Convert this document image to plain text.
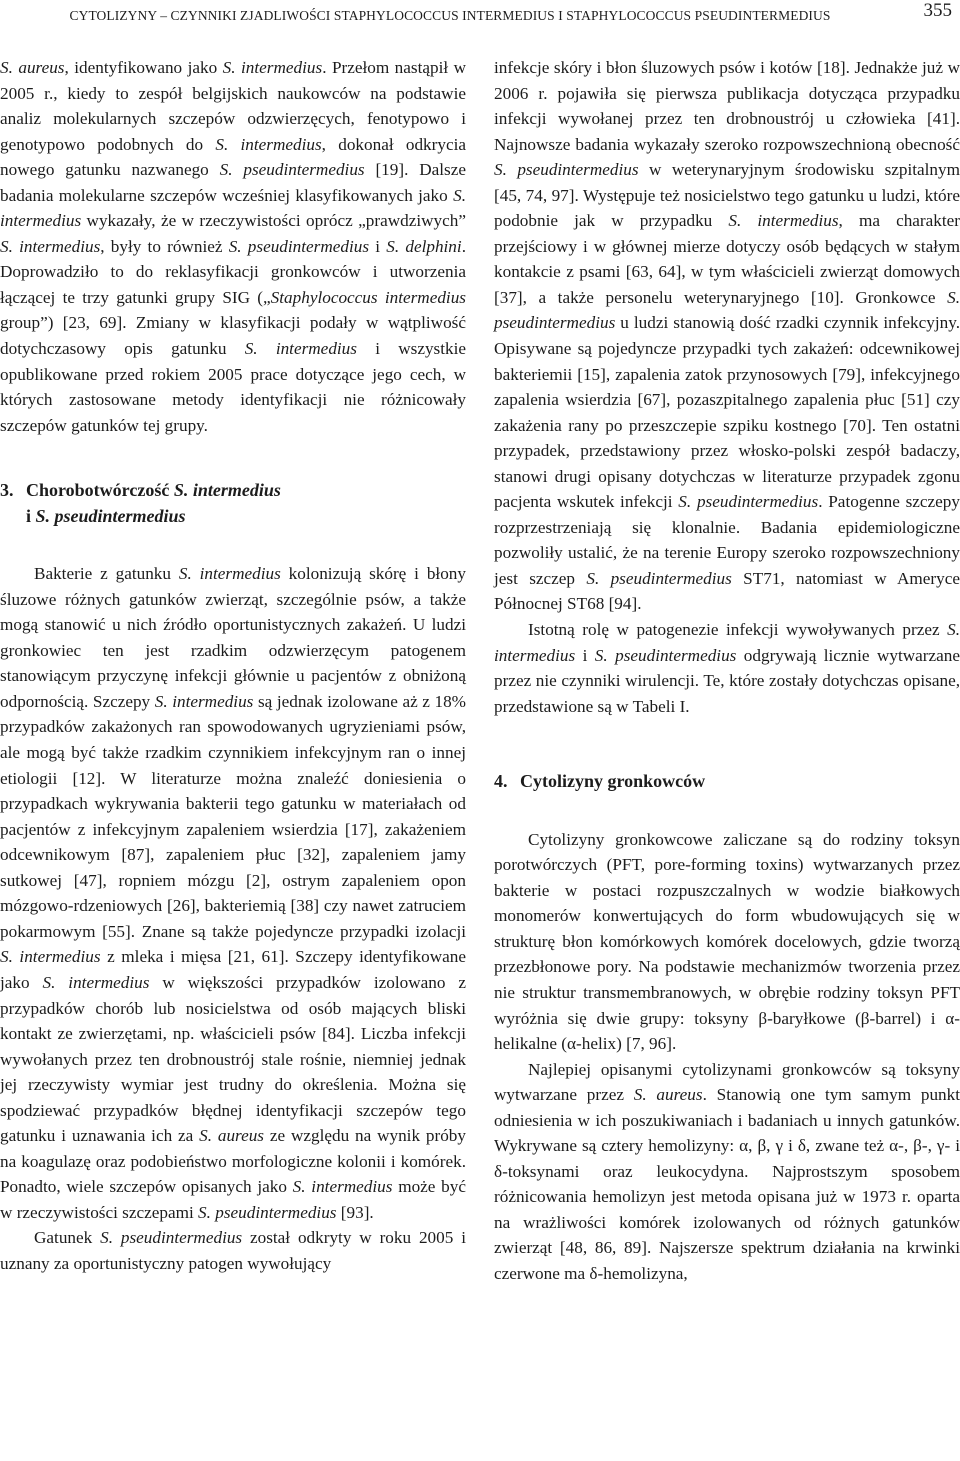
CYTOLIZYNY – CZYNNIKI ZJADLIWOŚCI STAPHYLOCOCCUS INTERMEDIUS I STAPHYLOCOCCUS PSEUDINTERMEDIUS	355

S. aureus, identyfikowano jako S. intermedius. Przełom nastąpił w 2005 r., kiedy to zespół belgijskich naukowców na podstawie analiz molekularnych szczepów odzwierzęcych, fenotypowo i genotypowo podobnych do S. intermedius, dokonał odkrycia nowego gatunku nazwanego S. pseudintermedius [19]. Dalsze badania molekularne szczepów wcześniej klasyfikowanych jako S. intermedius wykazały, że w rzeczywistości oprócz „prawdziwych” S. intermedius, były to również S. pseudintermedius i S. delphini. Doprowadziło to do reklasyfikacji gronkowców i utworzenia łączącej te trzy gatunki grupy SIG („Staphylococcus intermedius group”) [23, 69]. Zmiany w klasyfikacji podały w wątpliwość dotychczasowy opis gatunku S. intermedius i wszystkie opublikowane przed rokiem 2005 prace dotyczące jego cech, w których zastosowane metody identyfikacji nie różnicowały szczepów gatunków tej grupy.

3. Chorobotwórczość S. intermedius
i S. pseudintermedius

Bakterie z gatunku S. intermedius kolonizują skórę i błony śluzowe różnych gatunków zwierząt, szczególnie psów, a także mogą stanowić u nich źródło oportunistycznych zakażeń. U ludzi gronkowiec ten jest rzadkim odzwierzęcym patogenem stanowiącym przyczynę infekcji głównie u pacjentów z obniżoną odpornością. Szczepy S. intermedius są jednak izolowane aż z 18% przypadków zakażonych ran spowodowanych ugryzieniami psów, ale mogą być także rzadkim czynnikiem infekcyjnym ran o innej etiologii [12]. W literaturze można znaleźć doniesienia o przypadkach wykrywania bakterii tego gatunku w materiałach od pacjentów z infekcyjnym zapaleniem wsierdzia [17], zakażeniem odcewnikowym [87], zapaleniem płuc [32], zapaleniem jamy sutkowej [47], ropniem mózgu [2], ostrym zapaleniem opon mózgowo-rdzeniowych [26], bakteriemią [38] czy nawet zatruciem pokarmowym [55]. Znane są także pojedyncze przypadki izolacji S. intermedius z mleka i mięsa [21, 61]. Szczepy identyfikowane jako S. intermedius w większości przypadków izolowano z przypadków chorób lub nosicielstwa od osób mających bliski kontakt ze zwierzętami, np. właścicieli psów [84]. Liczba infekcji wywołanych przez ten drobnoustrój stale rośnie, niemniej jednak jej rzeczywisty wymiar jest trudny do określenia. Można się spodziewać przypadków błędnej identyfikacji szczepów tego gatunku i uznawania ich za S. aureus ze względu na wynik próby na koagulazę oraz podobieństwo morfologiczne kolonii i komórek. Ponadto, wiele szczepów opisanych jako S. intermedius może być w rzeczywistości szczepami S. pseudintermedius [93].

Gatunek S. pseudintermedius został odkryty w roku 2005 i uznany za oportunistyczny patogen wywołujący

infekcje skóry i błon śluzowych psów i kotów [18]. Jednakże już w 2006 r. pojawiła się pierwsza publikacja dotycząca przypadku infekcji wywołanej przez ten drobnoustrój u człowieka [41]. Najnowsze badania wykazały szeroko rozpowszechnioną obecność S. pseudintermedius w weterynaryjnym środowisku szpitalnym [45, 74, 97]. Występuje też nosicielstwo tego gatunku u ludzi, które podobnie jak w przypadku S. intermedius, ma charakter przejściowy i w głównej mierze dotyczy osób będących w stałym kontakcie z psami [63, 64], w tym właścicieli zwierząt domowych [37], a także personelu weterynaryjnego [10]. Gronkowce S. pseudintermedius u ludzi stanowią dość rzadki czynnik infekcyjny. Opisywane są pojedyncze przypadki tych zakażeń: odcewnikowej bakteriemii [15], zapalenia zatok przynosowych [79], infekcyjnego zapalenia wsierdzia [67], pozaszpitalnego zapalenia płuc [51] czy zakażenia rany po przeszczepie szpiku kostnego [70]. Ten ostatni przypadek, przedstawiony przez włosko-polski zespół badaczy, stanowi drugi opisany dotychczas w literaturze przypadek zgonu pacjenta wskutek infekcji S. pseudintermedius. Patogenne szczepy rozprzestrzeniają się klonalnie. Badania epidemiologiczne pozwoliły ustalić, że na terenie Europy szeroko rozpowszechniony jest szczep S. pseudintermedius ST71, natomiast w Ameryce Północnej ST68 [94].

Istotną rolę w patogenezie infekcji wywoływanych przez S. intermedius i S. pseudintermedius odgrywają licznie wytwarzane przez nie czynniki wirulencji. Te, które zostały dotychczas opisane, przedstawione są w Tabeli I.

4. Cytolizyny gronkowców

Cytolizyny gronkowcowe zaliczane są do rodziny toksyn porotwórczych (PFT, pore-forming toxins) wytwarzanych przez bakterie w postaci rozpuszczalnych w wodzie białkowych monomerów konwertujących do form wbudowujących się w strukturę błon komórkowych komórek docelowych, gdzie tworzą przezbłonowe pory. Na podstawie mechanizmów tworzenia przez nie struktur transmembranowych, w obrębie rodziny toksyn PFT wyróżnia się dwie grupy: toksyny β-baryłkowe (β-barrel) i α-helikalne (α-helix) [7, 96].

Najlepiej opisanymi cytolizynami gronkowców są toksyny wytwarzane przez S. aureus. Stanowią one tym samym punkt odniesienia w ich poszukiwaniach i badaniach u innych gatunków. Wykrywane są cztery hemolizyny: α, β, γ i δ, zwane też α-, β-, γ- i δ-toksynami oraz leukocydyna. Najprostszym sposobem różnicowania hemolizyn jest metoda opisana już w 1973 r. oparta na wrażliwości komórek izolowanych od różnych gatunków zwierząt [48, 86, 89]. Najszersze spektrum działania na krwinki czerwone ma δ-hemolizyna,
